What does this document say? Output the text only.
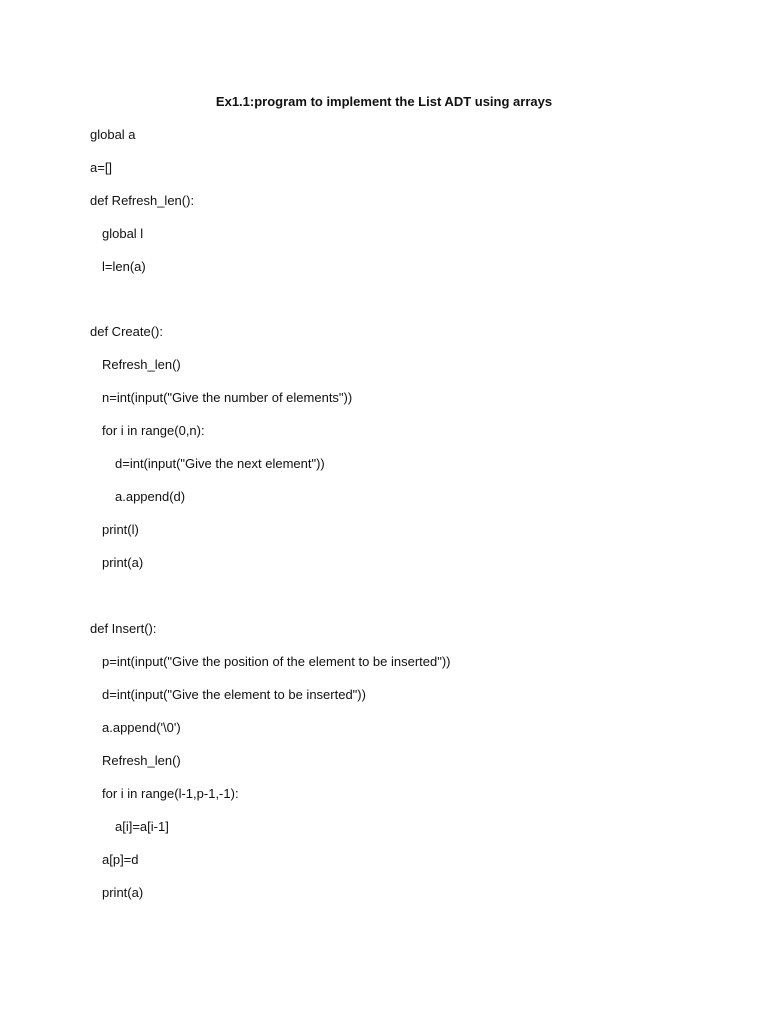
Ex1.1:program to implement the List ADT using arrays
global a
a=[]
def Refresh_len():
global l
l=len(a)
def Create():
Refresh_len()
n=int(input("Give the number of elements"))
for i in range(0,n):
d=int(input("Give the next element"))
a.append(d)
print(l)
print(a)
def Insert():
p=int(input("Give the position of the element to be inserted"))
d=int(input("Give the element to be inserted"))
a.append('\0')
Refresh_len()
for i in range(l-1,p-1,-1):
a[i]=a[i-1]
a[p]=d
print(a)
